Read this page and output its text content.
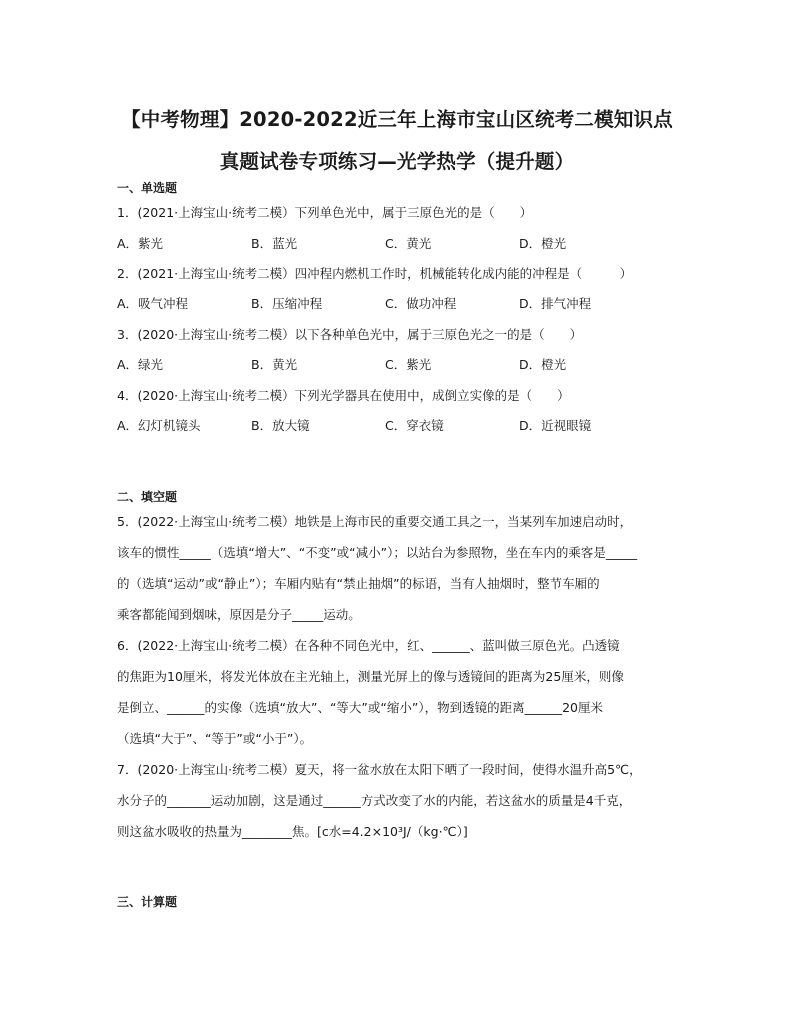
【中考物理】2020-2022近三年上海市宝山区统考二模知识点
真题试卷专项练习—光学热学（提升题）
一、单选题
1．(2021·上海宝山·统考二模）下列单色光中，属于三原色光的是（　　）
A．紫光	B．蓝光	C．黄光	D．橙光
2．(2021·上海宝山·统考二模）四冲程内燃机工作时，机械能转化成内能的冲程是（　　　）
A．吸气冲程	B．压缩冲程	C．做功冲程	D．排气冲程
3．(2020·上海宝山·统考二模）以下各种单色光中，属于三原色光之一的是（　　）
A．绿光	B．黄光	C．紫光	D．橙光
4．(2020·上海宝山·统考二模）下列光学器具在使用中，成倒立实像的是（　　）
A．幻灯机镜头	B．放大镜	C．穿衣镜	D．近视眼镜
二、填空题

5．(2022·上海宝山·统考二模）地铁是上海市民的重要交通工具之一，当某列车加速启动时，

该车的惯性_____（选填“增大”、“不变”或“减小”）；以站台为参照物，坐在车内的乘客是_____

的（选填“运动”或“静止”）；车厢内贴有“禁止抽烟”的标语，当有人抽烟时，整节车厢的

乘客都能闻到烟味，原因是分子_____运动。

6．(2022·上海宝山·统考二模）在各种不同色光中，红、______、蓝叫做三原色光。凸透镜

的焦距为10厘米，将发光体放在主光轴上，测量光屏上的像与透镜间的距离为25厘米，则像

是倒立、______的实像（选填“放大”、“等大”或“缩小”），物到透镜的距离______20厘米

（选填“大于”、“等于”或“小于”）。

7．(2020·上海宝山·统考二模）夏天，将一盆水放在太阳下晒了一段时间，使得水温升高5℃，

水分子的_______运动加剧，这是通过______方式改变了水的内能，若这盆水的质量是4千克，

则这盆水吸收的热量为________焦。[c水=4.2×10³J/（kg·℃）]

三、计算题
